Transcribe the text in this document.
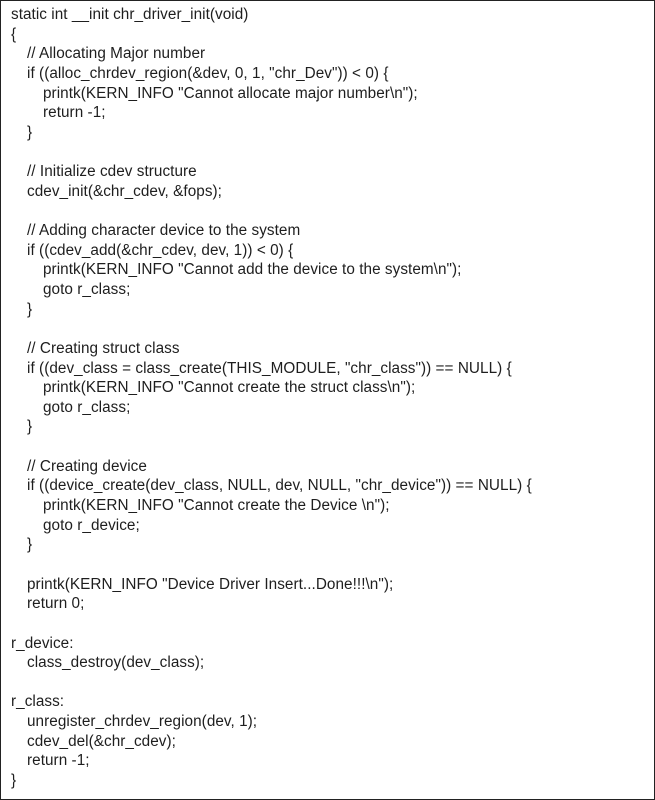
static int __init chr_driver_init(void)
{
// Allocating Major number
if ((alloc_chrdev_region(&dev, 0, 1, "chr_Dev")) < 0) {
printk(KERN_INFO "Cannot allocate major number\n");
return -1;
}
// Initialize cdev structure
cdev_init(&chr_cdev, &fops);
// Adding character device to the system
if ((cdev_add(&chr_cdev, dev, 1)) < 0) {
printk(KERN_INFO "Cannot add the device to the system\n");
goto r_class;
}
// Creating struct class
if ((dev_class = class_create(THIS_MODULE, "chr_class")) == NULL) {
printk(KERN_INFO "Cannot create the struct class\n");
goto r_class;
}
// Creating device
if ((device_create(dev_class, NULL, dev, NULL, "chr_device")) == NULL) {
printk(KERN_INFO "Cannot create the Device \n");
goto r_device;
}
printk(KERN_INFO "Device Driver Insert...Done!!!\n");
return 0;
r_device:
class_destroy(dev_class);
r_class:
unregister_chrdev_region(dev, 1);
cdev_del(&chr_cdev);
return -1;
}
